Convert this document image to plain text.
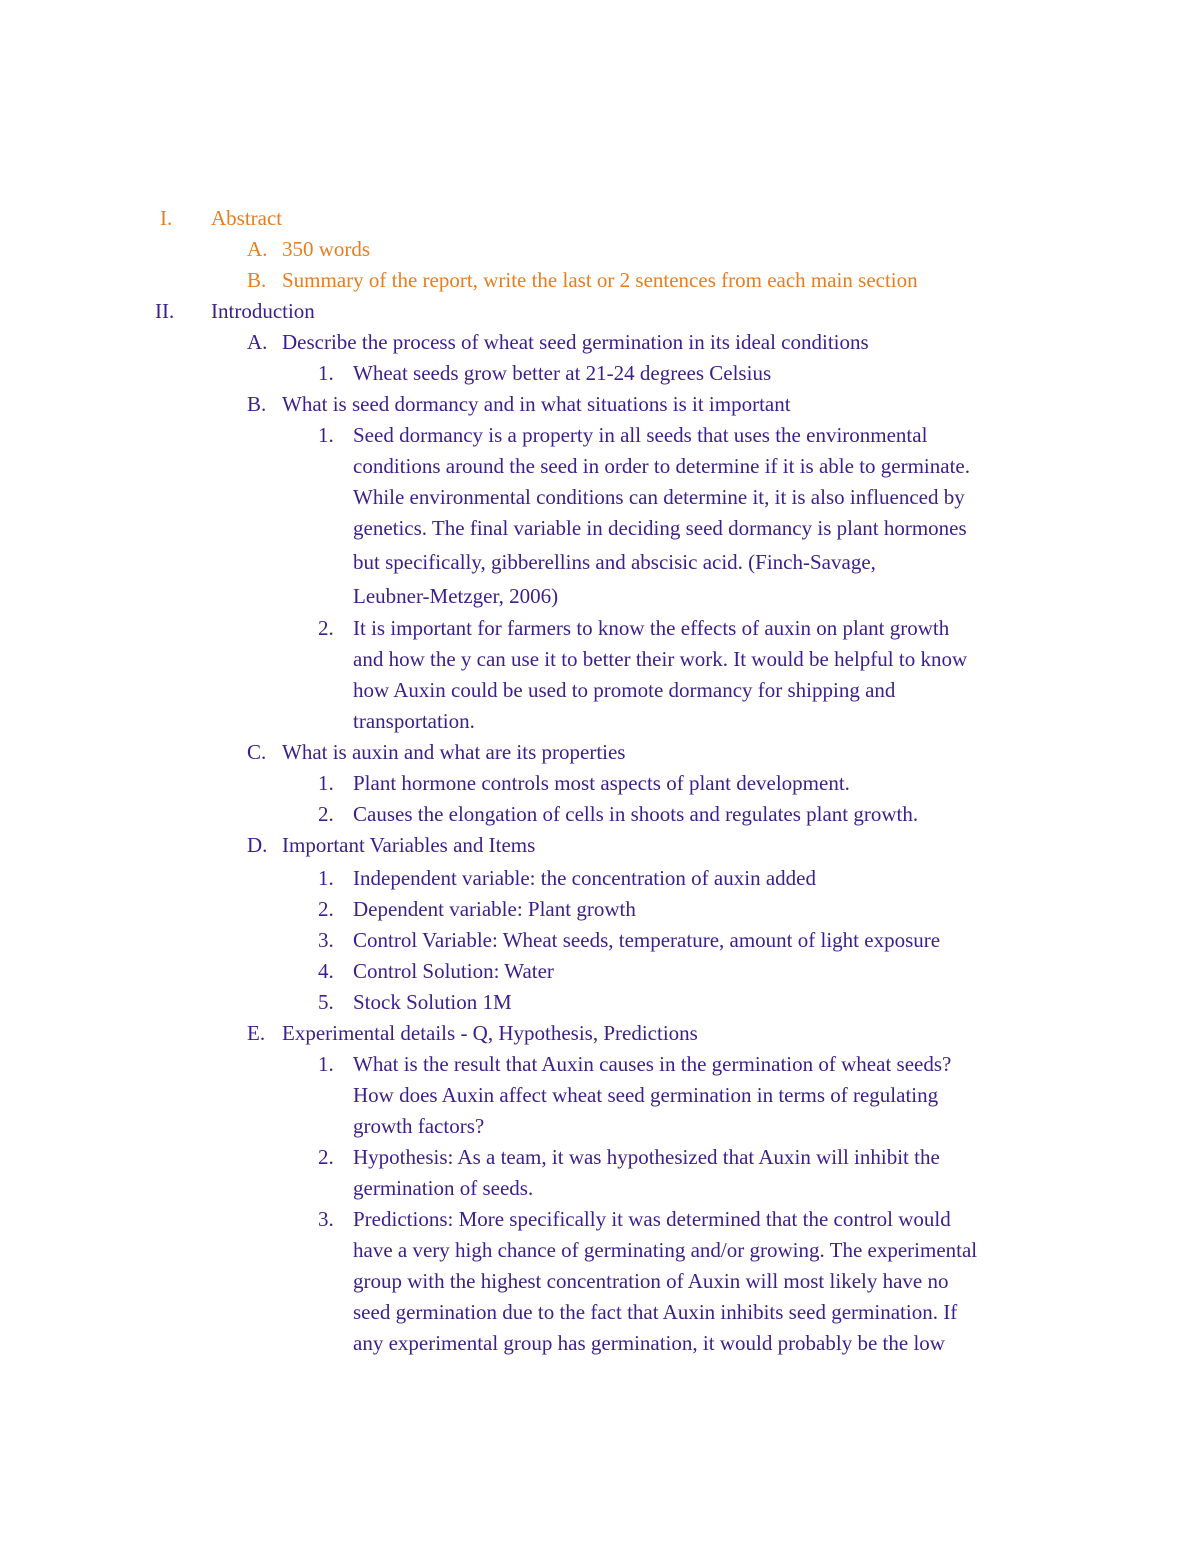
I. Abstract
A. 350 words
B. Summary of the report, write the last or 2 sentences from each main section
II. Introduction
A. Describe the process of wheat seed germination in its ideal conditions
1. Wheat seeds grow better at 21-24 degrees Celsius
B. What is seed dormancy and in what situations is it important
1. Seed dormancy is a property in all seeds that uses the environmental
conditions around the seed in order to determine if it is able to germinate.
While environmental conditions can determine it, it is also influenced by
genetics. The final variable in deciding seed dormancy is plant hormones
but specifically, gibberellins and abscisic acid. (Finch-Savage,
Leubner-Metzger, 2006)
2. It is important for farmers to know the effects of auxin on plant growth
and how the y can use it to better their work. It would be helpful to know
how Auxin could be used to promote dormancy for shipping and
transportation.
C. What is auxin and what are its properties
1. Plant hormone controls most aspects of plant development.
2. Causes the elongation of cells in shoots and regulates plant growth.
D. Important Variables and Items
1. Independent variable: the concentration of auxin added
2. Dependent variable: Plant growth
3. Control Variable: Wheat seeds, temperature, amount of light exposure
4. Control Solution: Water
5. Stock Solution 1M
E. Experimental details - Q, Hypothesis, Predictions
1. What is the result that Auxin causes in the germination of wheat seeds?
How does Auxin affect wheat seed germination in terms of regulating
growth factors?
2. Hypothesis: As a team, it was hypothesized that Auxin will inhibit the
germination of seeds.
3. Predictions: More specifically it was determined that the control would
have a very high chance of germinating and/or growing. The experimental
group with the highest concentration of Auxin will most likely have no
seed germination due to the fact that Auxin inhibits seed germination. If
any experimental group has germination, it would probably be the low
